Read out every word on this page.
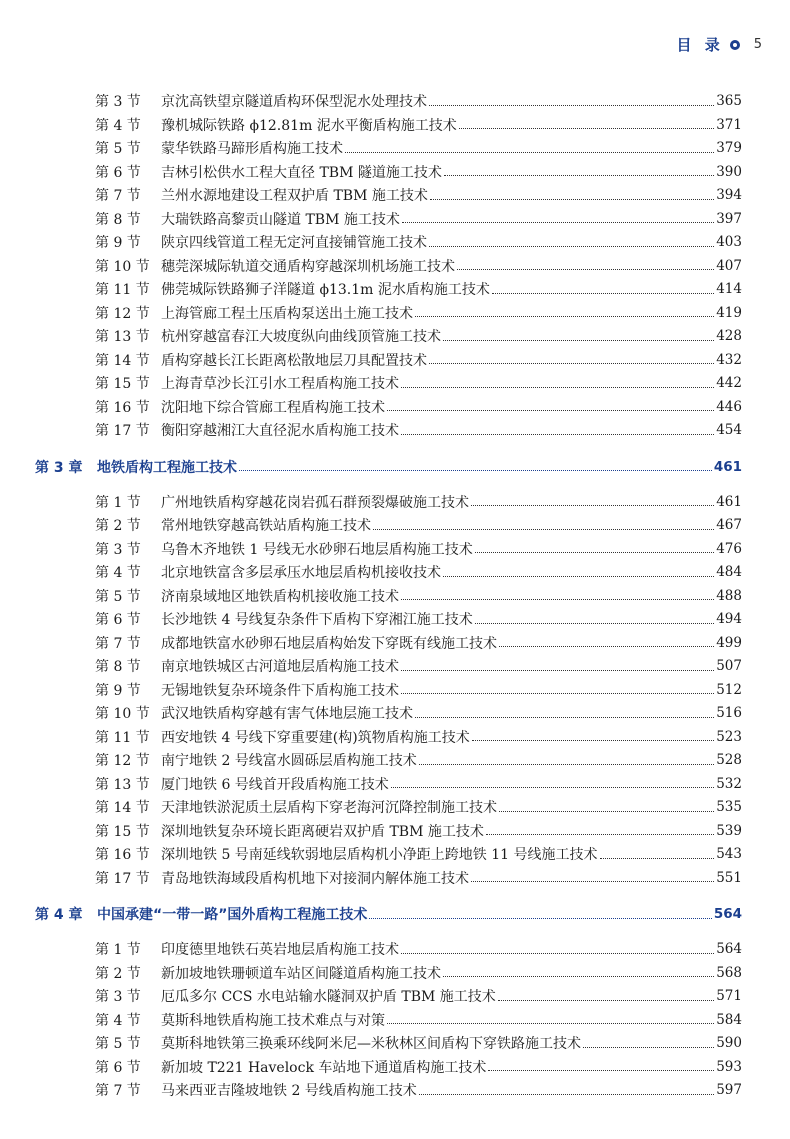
目 录 5
第 3 节 京沈高铁望京隧道盾构环保型泥水处理技术	365
第 4 节 豫机城际铁路 ϕ12.81m 泥水平衡盾构施工技术	371
第 5 节 蒙华铁路马蹄形盾构施工技术	379
第 6 节 吉林引松供水工程大直径 TBM 隧道施工技术	390
第 7 节 兰州水源地建设工程双护盾 TBM 施工技术	394
第 8 节 大瑞铁路高黎贡山隧道 TBM 施工技术	397
第 9 节 陕京四线管道工程无定河直接铺管施工技术	403
第 10 节 穗莞深城际轨道交通盾构穿越深圳机场施工技术	407
第 11 节 佛莞城际铁路狮子洋隧道 ϕ13.1m 泥水盾构施工技术	414
第 12 节 上海管廊工程土压盾构泵送出土施工技术	419
第 13 节 杭州穿越富春江大坡度纵向曲线顶管施工技术	428
第 14 节 盾构穿越长江长距离松散地层刀具配置技术	432
第 15 节 上海青草沙长江引水工程盾构施工技术	442
第 16 节 沈阳地下综合管廊工程盾构施工技术	446
第 17 节 衡阳穿越湘江大直径泥水盾构施工技术	454
第 3 章 地铁盾构工程施工技术	461
第 1 节 广州地铁盾构穿越花岗岩孤石群预裂爆破施工技术	461
第 2 节 常州地铁穿越高铁站盾构施工技术	467
第 3 节 乌鲁木齐地铁 1 号线无水砂卵石地层盾构施工技术	476
第 4 节 北京地铁富含多层承压水地层盾构机接收技术	484
第 5 节 济南泉域地区地铁盾构机接收施工技术	488
第 6 节 长沙地铁 4 号线复杂条件下盾构下穿湘江施工技术	494
第 7 节 成都地铁富水砂卵石地层盾构始发下穿既有线施工技术	499
第 8 节 南京地铁城区古河道地层盾构施工技术	507
第 9 节 无锡地铁复杂环境条件下盾构施工技术	512
第 10 节 武汉地铁盾构穿越有害气体地层施工技术	516
第 11 节 西安地铁 4 号线下穿重要建(构)筑物盾构施工技术	523
第 12 节 南宁地铁 2 号线富水圆砾层盾构施工技术	528
第 13 节 厦门地铁 6 号线首开段盾构施工技术	532
第 14 节 天津地铁淤泥质土层盾构下穿老海河沉降控制施工技术	535
第 15 节 深圳地铁复杂环境长距离硬岩双护盾 TBM 施工技术	539
第 16 节 深圳地铁 5 号南延线软弱地层盾构机小净距上跨地铁 11 号线施工技术	543
第 17 节 青岛地铁海域段盾构机地下对接洞内解体施工技术	551
第 4 章 中国承建“一带一路”国外盾构工程施工技术	564
第 1 节 印度德里地铁石英岩地层盾构施工技术	564
第 2 节 新加坡地铁珊顿道车站区间隧道盾构施工技术	568
第 3 节 厄瓜多尔 CCS 水电站输水隧洞双护盾 TBM 施工技术	571
第 4 节 莫斯科地铁盾构施工技术难点与对策	584
第 5 节 莫斯科地铁第三换乘环线阿米尼—米秋林区间盾构下穿铁路施工技术	590
第 6 节 新加坡 T221 Havelock 车站地下通道盾构施工技术	593
第 7 节 马来西亚吉隆坡地铁 2 号线盾构施工技术	597
